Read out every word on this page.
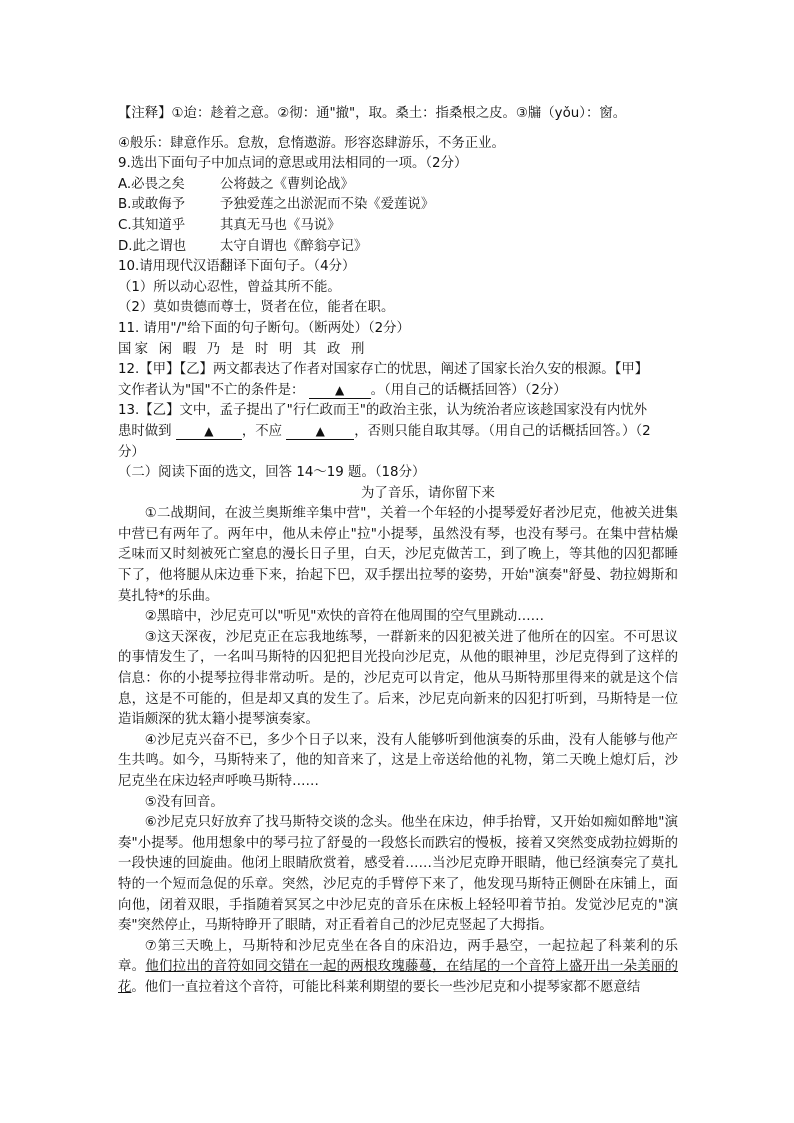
【注释】①迨：趁着之意。②彻：通"撤"，取。桑土：指桑根之皮。③牖（yǒu）：窗。
④般乐：肆意作乐。怠敖，怠惰遨游。形容恣肆游乐，不务正业。
9.选出下面句子中加点词的意思或用法相同的一项。（2分）
A.必畏之矣	公将鼓之《曹刿论战》
B.或敢侮予	予独爱莲之出淤泥而不染《爱莲说》
C.其知道乎	其真无马也《马说》
D.此之谓也	太守自谓也《醉翁亭记》
10.请用现代汉语翻译下面句子。（4分）
（1）所以动心忍性，曾益其所不能。
（2）莫如贵德而尊士，贤者在位，能者在职。
11. 请用"/"给下面的句子断句。（断两处）（2分）
国家 闲 暇 乃 是 时 明 其 政 刑
12.【甲】【乙】两文都表达了作者对国家存亡的忧思，阐述了国家长治久安的根源。【甲】
文作者认为"国"不亡的条件是：	▲ 。（用自己的话概括回答）（2分）
13.【乙】文中，孟子提出了"行仁政而王"的政治主张，认为统治者应该趁国家没有内忧外
患时做到	▲ ，不应	▲ ，否则只能自取其辱。（用自己的话概括回答。）（2
分）
（二）阅读下面的选文，回答 14～19 题。（18分）
为了音乐，请你留下来

①二战期间，在波兰奥斯维辛集中营"，关着一个年轻的小提琴爱好者沙尼克，他被关进集中营已有两年了。两年中，他从未停止"拉"小提琴，虽然没有琴，也没有琴弓。在集中营枯燥乏味而又时刻被死亡窒息的漫长日子里，白天，沙尼克做苦工，到了晚上，等其他的囚犯都睡下了，他将腿从床边垂下来，抬起下巴，双手摆出拉琴的姿势，开始"演奏"舒曼、勃拉姆斯和莫扎特*的乐曲。

②黑暗中，沙尼克可以"听见"欢快的音符在他周围的空气里跳动……

③这天深夜，沙尼克正在忘我地练琴，一群新来的囚犯被关进了他所在的囚室。不可思议的事情发生了，一名叫马斯特的囚犯把目光投向沙尼克，从他的眼神里，沙尼克得到了这样的信息：你的小提琴拉得非常动听。是的，沙尼克可以肯定，他从马斯特那里得来的就是这个信息，这是不可能的，但是却又真的发生了。后来，沙尼克向新来的囚犯打听到，马斯特是一位造诣颇深的犹太籍小提琴演奏家。

④沙尼克兴奋不已，多少个日子以来，没有人能够听到他演奏的乐曲，没有人能够与他产生共鸣。如今，马斯特来了，他的知音来了，这是上帝送给他的礼物，第二天晚上熄灯后，沙尼克坐在床边轻声呼唤马斯特……

⑤没有回音。

⑥沙尼克只好放弃了找马斯特交谈的念头。他坐在床边，伸手抬臂，又开始如痴如醉地"演奏"小提琴。他用想象中的琴弓拉了舒曼的一段悠长而跌宕的慢板，接着又突然变成勃拉姆斯的一段快速的回旋曲。他闭上眼睛欣赏着，感受着……当沙尼克睁开眼睛，他已经演奏完了莫扎特的一个短而急促的乐章。突然，沙尼克的手臂停下来了，他发现马斯特正侧卧在床铺上，面向他，闭着双眼，手指随着冥冥之中沙尼克的音乐在床板上轻轻叩着节拍。发觉沙尼克的"演奏"突然停止，马斯特睁开了眼睛，对正看着自己的沙尼克竖起了大拇指。

⑦第三天晚上，马斯特和沙尼克坐在各自的床沿边，两手悬空，一起拉起了科莱利的乐章。他们拉出的音符如同交错在一起的两根玫瑰藤蔓，在结尾的一个音符上盛开出一朵美丽的花。他们一直拉着这个音符，可能比科莱利期望的要长一些沙尼克和小提琴家都不愿意结
